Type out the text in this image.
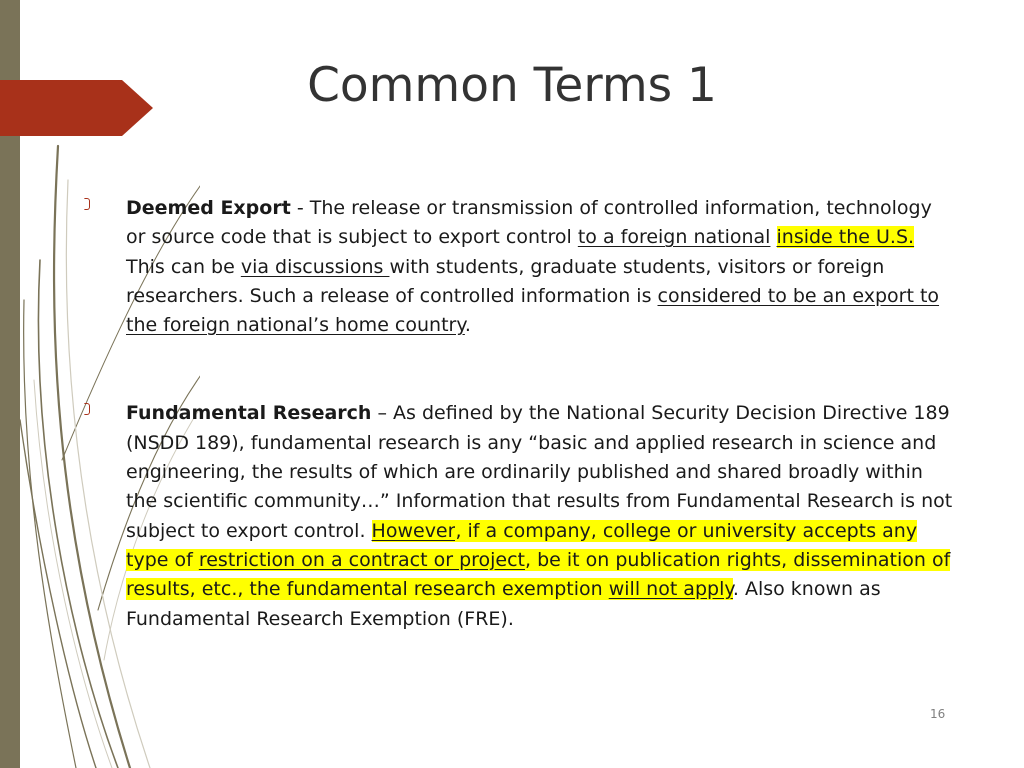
Common Terms 1
Deemed Export - The release or transmission of controlled information, technology or source code that is subject to export control to a foreign national inside the U.S. This can be via discussions with students, graduate students, visitors or foreign researchers. Such a release of controlled information is considered to be an export to the foreign national’s home country.
Fundamental Research – As defined by the National Security Decision Directive 189 (NSDD 189), fundamental research is any “basic and applied research in science and engineering, the results of which are ordinarily published and shared broadly within the scientific community…” Information that results from Fundamental Research is not subject to export control. However, if a company, college or university accepts any type of restriction on a contract or project, be it on publication rights, dissemination of results, etc., the fundamental research exemption will not apply. Also known as Fundamental Research Exemption (FRE).
16
